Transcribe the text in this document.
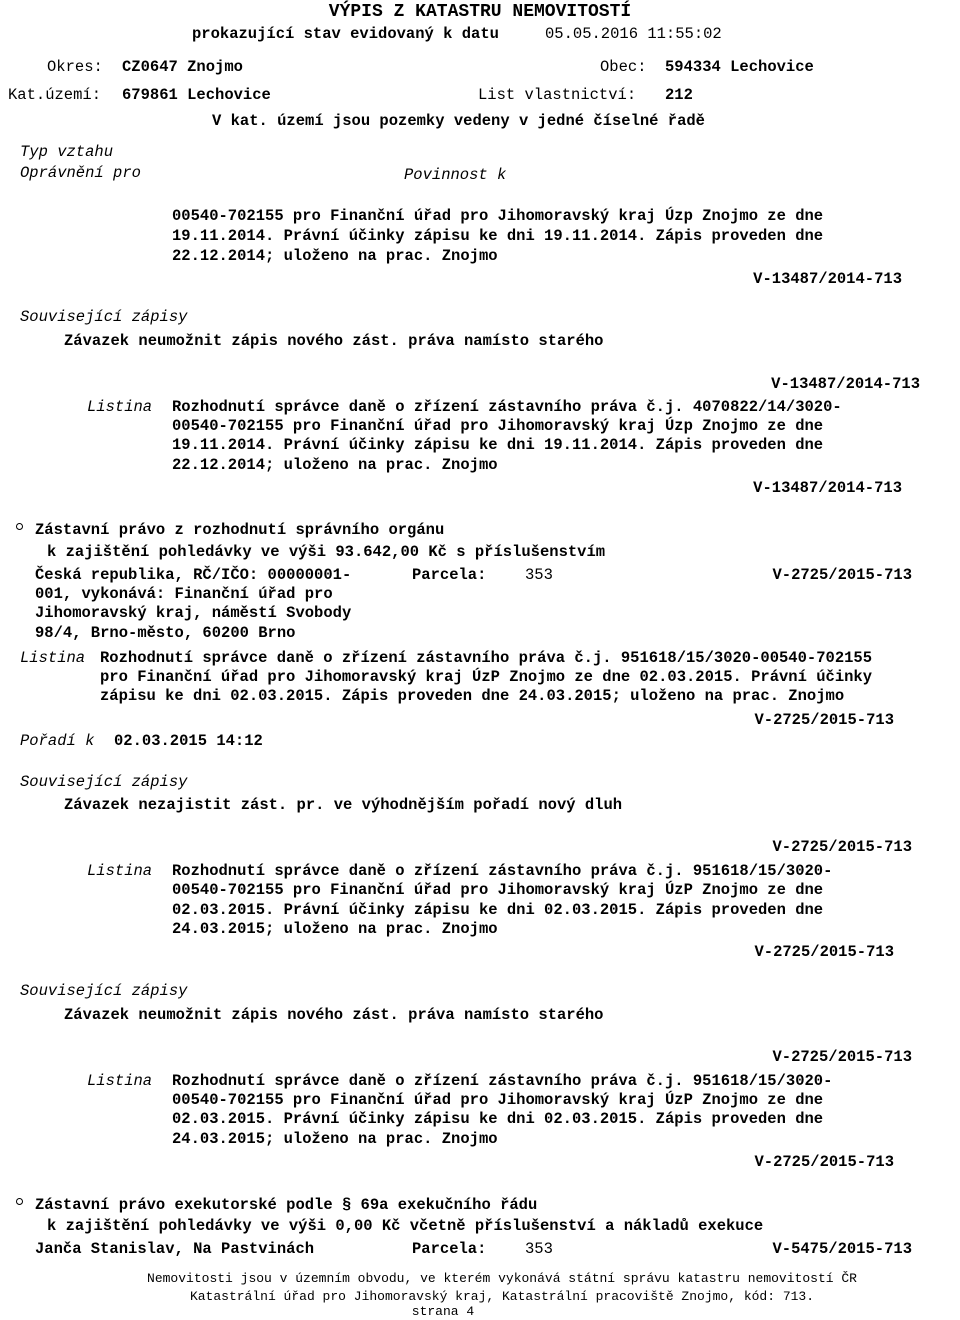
VÝPIS Z KATASTRU NEMOVITOSTÍ
prokazující stav evidovaný k datu	05.05.2016 11:55:02
Okres: CZ0647 Znojmo	Obec: 594334 Lechovice
Kat.území: 679861 Lechovice	List vlastnictví: 212
V kat. území jsou pozemky vedeny v jedné číselné řadě
Typ vztahu
Oprávnění pro	Povinnost k
00540-702155 pro Finanční úřad pro Jihomoravský kraj Úzp Znojmo ze dne
19.11.2014. Právní účinky zápisu ke dni 19.11.2014. Zápis proveden dne
22.12.2014; uloženo na prac. Znojmo
V-13487/2014-713
Související zápisy
Závazek neumožnit zápis nového zást. práva namísto starého
V-13487/2014-713
Listina Rozhodnutí správce daně o zřízení zástavního práva č.j. 4070822/14/3020-
00540-702155 pro Finanční úřad pro Jihomoravský kraj Úzp Znojmo ze dne
19.11.2014. Právní účinky zápisu ke dni 19.11.2014. Zápis proveden dne
22.12.2014; uloženo na prac. Znojmo
V-13487/2014-713
Zástavní právo z rozhodnutí správního orgánu
k zajištění pohledávky ve výši 93.642,00 Kč s příslušenstvím
Česká republika, RČ/IČO: 00000001-
001, vykonává: Finanční úřad pro
Jihomoravský kraj, náměstí Svobody
98/4, Brno-město, 60200 Brno
Parcela: 353	V-2725/2015-713
Listina Rozhodnutí správce daně o zřízení zástavního práva č.j. 951618/15/3020-00540-702155
pro Finanční úřad pro Jihomoravský kraj ÚzP Znojmo ze dne 02.03.2015. Právní účinky
zápisu ke dni 02.03.2015. Zápis proveden dne 24.03.2015; uloženo na prac. Znojmo
V-2725/2015-713
Pořadí k 02.03.2015 14:12
Související zápisy
Závazek nezajistit zást. pr. ve výhodnějším pořadí nový dluh
V-2725/2015-713
Listina Rozhodnutí správce daně o zřízení zástavního práva č.j. 951618/15/3020-
00540-702155 pro Finanční úřad pro Jihomoravský kraj ÚzP Znojmo ze dne
02.03.2015. Právní účinky zápisu ke dni 02.03.2015. Zápis proveden dne
24.03.2015; uloženo na prac. Znojmo
V-2725/2015-713
Související zápisy
Závazek neumožnit zápis nového zást. práva namísto starého
V-2725/2015-713
Listina Rozhodnutí správce daně o zřízení zástavního práva č.j. 951618/15/3020-
00540-702155 pro Finanční úřad pro Jihomoravský kraj ÚzP Znojmo ze dne
02.03.2015. Právní účinky zápisu ke dni 02.03.2015. Zápis proveden dne
24.03.2015; uloženo na prac. Znojmo
V-2725/2015-713
Zástavní právo exekutorské podle § 69a exekučního řádu
k zajištění pohledávky ve výši 0,00 Kč včetně příslušenství a nákladů exekuce
Janča Stanislav, Na Pastvinách	Parcela: 353	V-5475/2015-713
Nemovitosti jsou v územním obvodu, ve kterém vykonává státní správu katastru nemovitostí ČR
Katastrální úřad pro Jihomoravský kraj, Katastrální pracoviště Znojmo, kód: 713.
strana 4
